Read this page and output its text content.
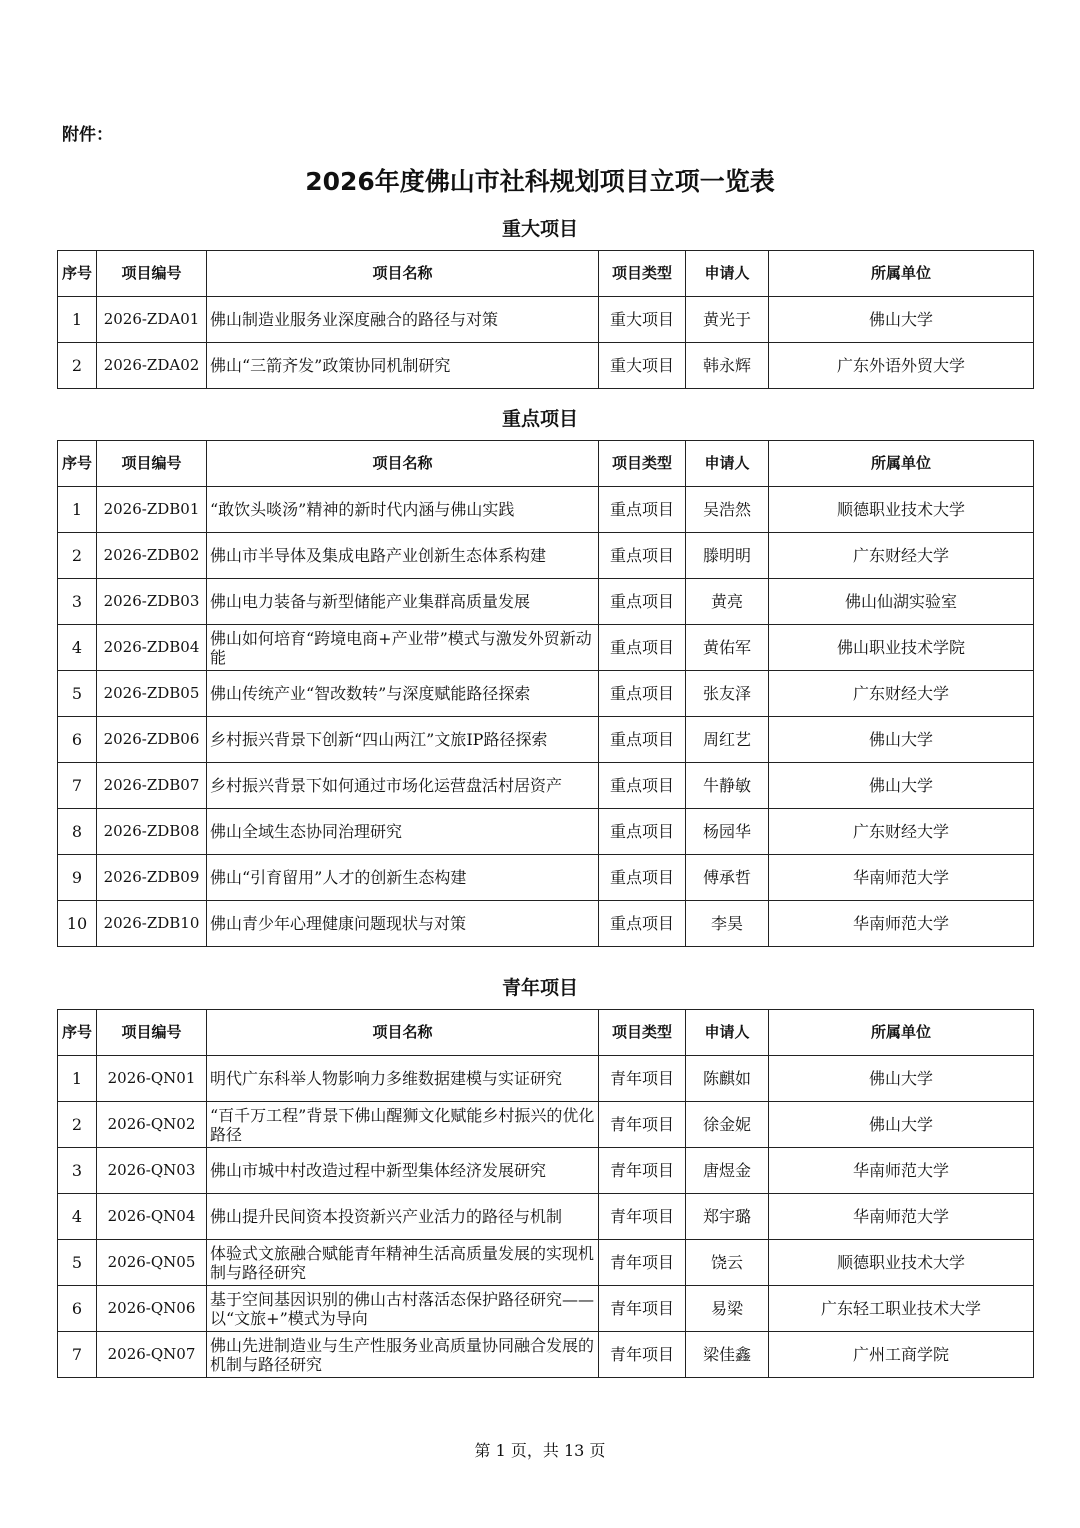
附件：
2026年度佛山市社科规划项目立项一览表
重大项目
序号	项目编号	项目名称	项目类型	申请人	所属单位
1	2026-ZDA01	佛山制造业服务业深度融合的路径与对策	重大项目	黄光于	佛山大学
2	2026-ZDA02	佛山“三箭齐发”政策协同机制研究	重大项目	韩永辉	广东外语外贸大学
重点项目
序号	项目编号	项目名称	项目类型	申请人	所属单位
1	2026-ZDB01	“敢饮头啖汤”精神的新时代内涵与佛山实践	重点项目	吴浩然	顺德职业技术大学
2	2026-ZDB02	佛山市半导体及集成电路产业创新生态体系构建	重点项目	滕明明	广东财经大学
3	2026-ZDB03	佛山电力装备与新型储能产业集群高质量发展	重点项目	黄亮	佛山仙湖实验室
4	2026-ZDB04	佛山如何培育“跨境电商+产业带”模式与激发外贸新动能	重点项目	黄佑军	佛山职业技术学院
5	2026-ZDB05	佛山传统产业“智改数转”与深度赋能路径探索	重点项目	张友泽	广东财经大学
6	2026-ZDB06	乡村振兴背景下创新“四山两江”文旅IP路径探索	重点项目	周红艺	佛山大学
7	2026-ZDB07	乡村振兴背景下如何通过市场化运营盘活村居资产	重点项目	牛静敏	佛山大学
8	2026-ZDB08	佛山全域生态协同治理研究	重点项目	杨园华	广东财经大学
9	2026-ZDB09	佛山“引育留用”人才的创新生态构建	重点项目	傅承哲	华南师范大学
10	2026-ZDB10	佛山青少年心理健康问题现状与对策	重点项目	李昊	华南师范大学
青年项目
序号	项目编号	项目名称	项目类型	申请人	所属单位
1	2026-QN01	明代广东科举人物影响力多维数据建模与实证研究	青年项目	陈麒如	佛山大学
2	2026-QN02	“百千万工程”背景下佛山醒狮文化赋能乡村振兴的优化路径	青年项目	徐金妮	佛山大学
3	2026-QN03	佛山市城中村改造过程中新型集体经济发展研究	青年项目	唐煜金	华南师范大学
4	2026-QN04	佛山提升民间资本投资新兴产业活力的路径与机制	青年项目	郑宇璐	华南师范大学
5	2026-QN05	体验式文旅融合赋能青年精神生活高质量发展的实现机制与路径研究	青年项目	饶云	顺德职业技术大学
6	2026-QN06	基于空间基因识别的佛山古村落活态保护路径研究——以“文旅+”模式为导向	青年项目	易梁	广东轻工职业技术大学
7	2026-QN07	佛山先进制造业与生产性服务业高质量协同融合发展的机制与路径研究	青年项目	梁佳鑫	广州工商学院
第 1 页，共 13 页
